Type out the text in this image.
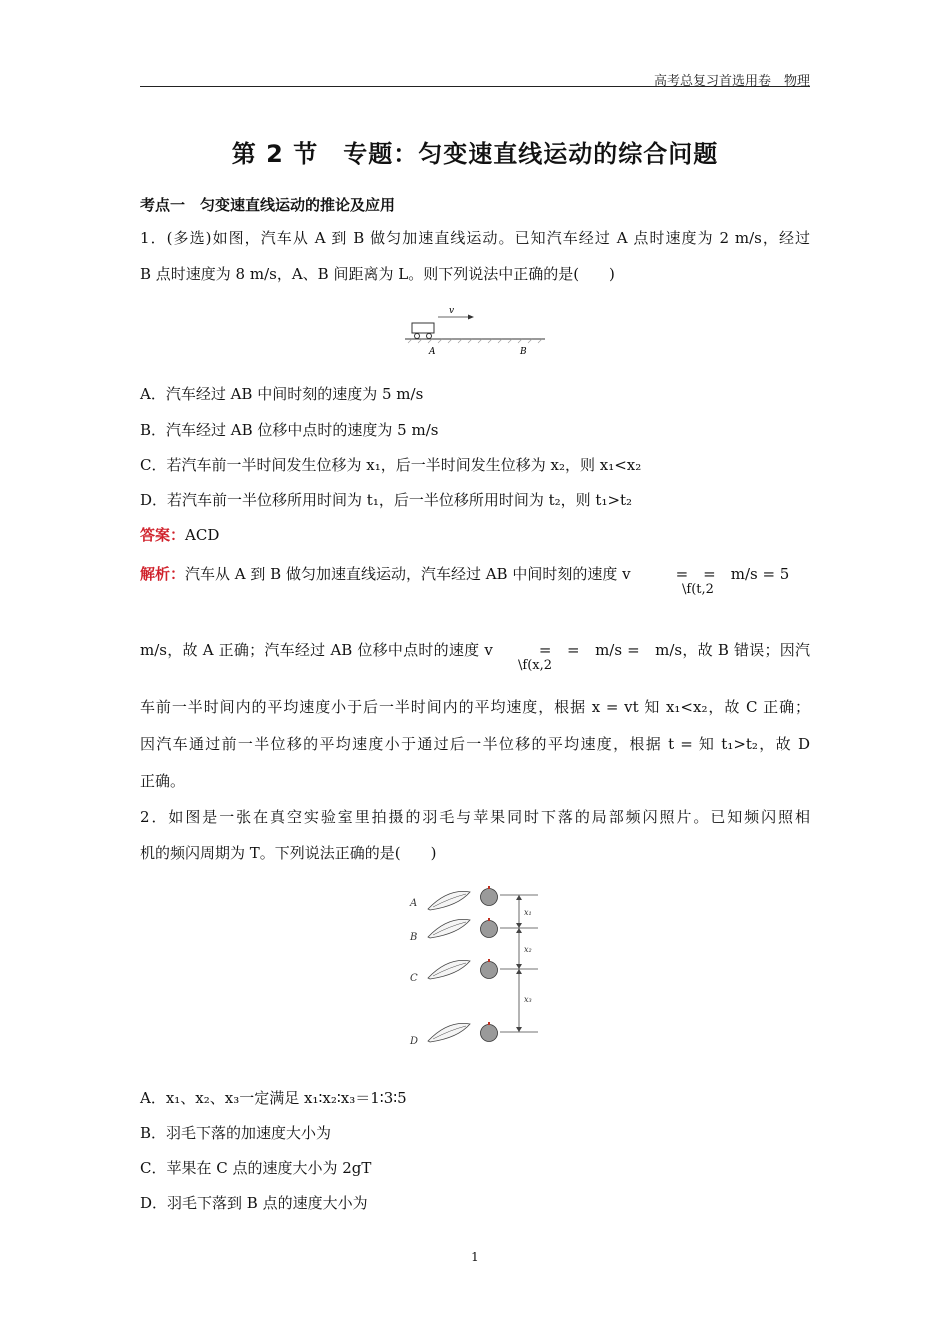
高考总复习首选用卷　物理
第 2 节　专题：匀变速直线运动的综合问题
考点一　匀变速直线运动的推论及应用
1．(多选)如图，汽车从 A 到 B 做匀加速直线运动。已知汽车经过 A 点时速度为 2 m/s，经过
B 点时速度为 8 m/s，A、B 间距离为 L。则下列说法中正确的是(　　)
v
A	B
A．汽车经过 AB 中间时刻的速度为 5 m/s
B．汽车经过 AB 位移中点时的速度为 5 m/s
C．若汽车前一半时间发生位移为 x₁，后一半时间发生位移为 x₂，则 x₁<x₂
D．若汽车前一半位移所用时间为 t₁，后一半位移所用时间为 t₂，则 t₁>t₂
答案：ACD
解析：汽车从 A 到 B 做匀加速直线运动，汽车经过 AB 中间时刻的速度 v　　　=　=　m/s = 5
\f(t,2
m/s，故 A 正确；汽车经过 AB 位移中点时的速度 v　　　=　=　m/s =　m/s，故 B 错误；因汽
\f(x,2
车前一半时间内的平均速度小于后一半时间内的平均速度，根据 x = vt 知 x₁<x₂，故 C 正确；
因汽车通过前一半位移的平均速度小于通过后一半位移的平均速度，根据 t = 知 t₁>t₂，故 D
正确。
2．如图是一张在真空实验室里拍摄的羽毛与苹果同时下落的局部频闪照片。已知频闪照相
机的频闪周期为 T。下列说法正确的是(　　)
A
B
C
D
x₁
x₂
x₃
A．x₁、x₂、x₃一定满足 x₁∶x₂∶x₃＝1∶3∶5
B．羽毛下落的加速度大小为
C．苹果在 C 点的速度大小为 2gT
D．羽毛下落到 B 点的速度大小为
1
